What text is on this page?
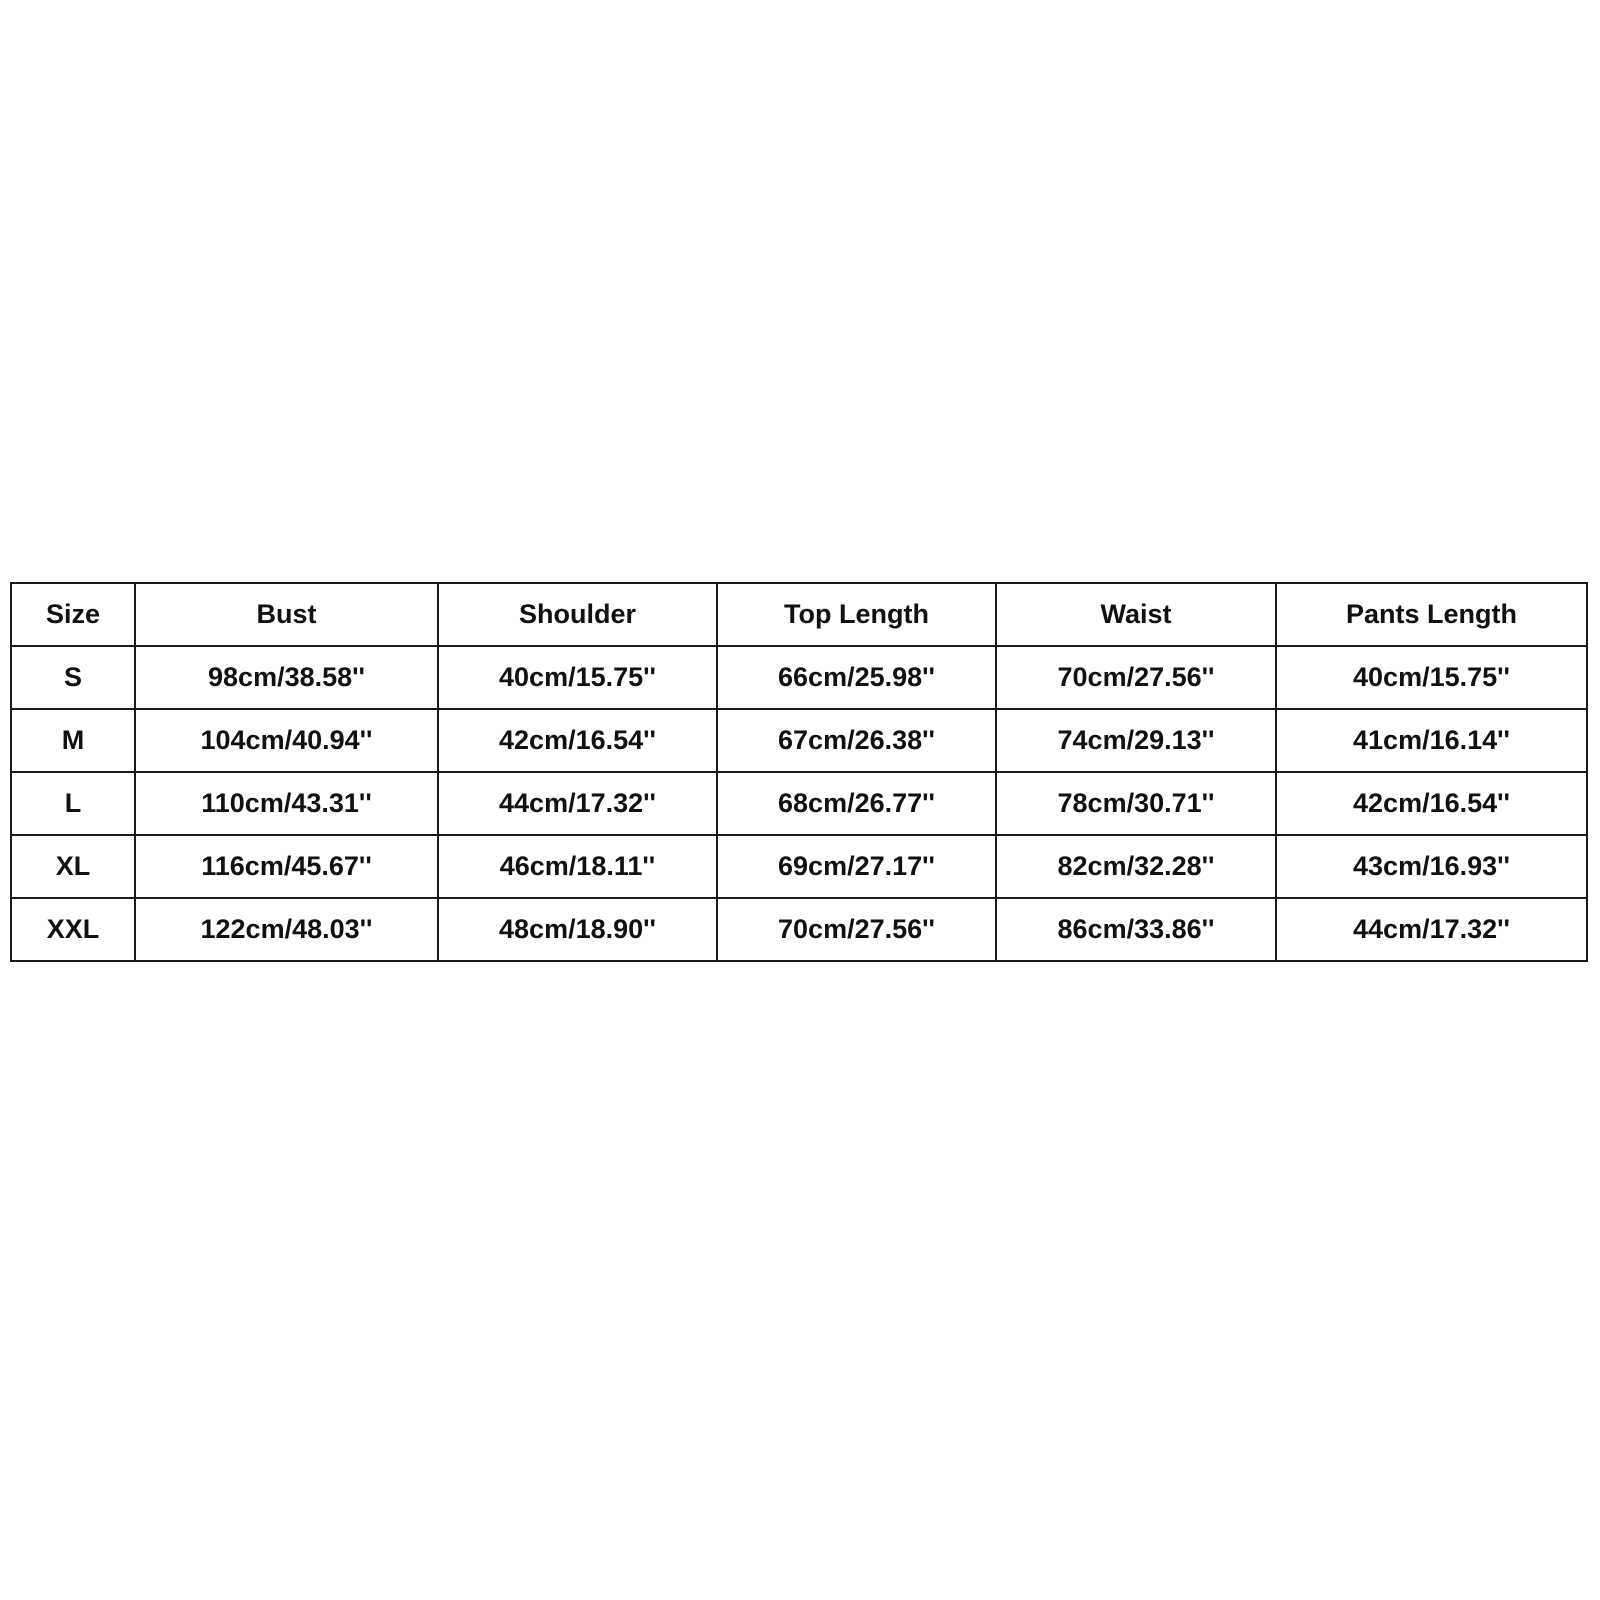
Size	Bust	Shoulder	Top Length	Waist	Pants Length
S	98cm/38.58''	40cm/15.75''	66cm/25.98''	70cm/27.56''	40cm/15.75''
M	104cm/40.94''	42cm/16.54''	67cm/26.38''	74cm/29.13''	41cm/16.14''
L	110cm/43.31''	44cm/17.32''	68cm/26.77''	78cm/30.71''	42cm/16.54''
XL	116cm/45.67''	46cm/18.11''	69cm/27.17''	82cm/32.28''	43cm/16.93''
XXL	122cm/48.03''	48cm/18.90''	70cm/27.56''	86cm/33.86''	44cm/17.32''
